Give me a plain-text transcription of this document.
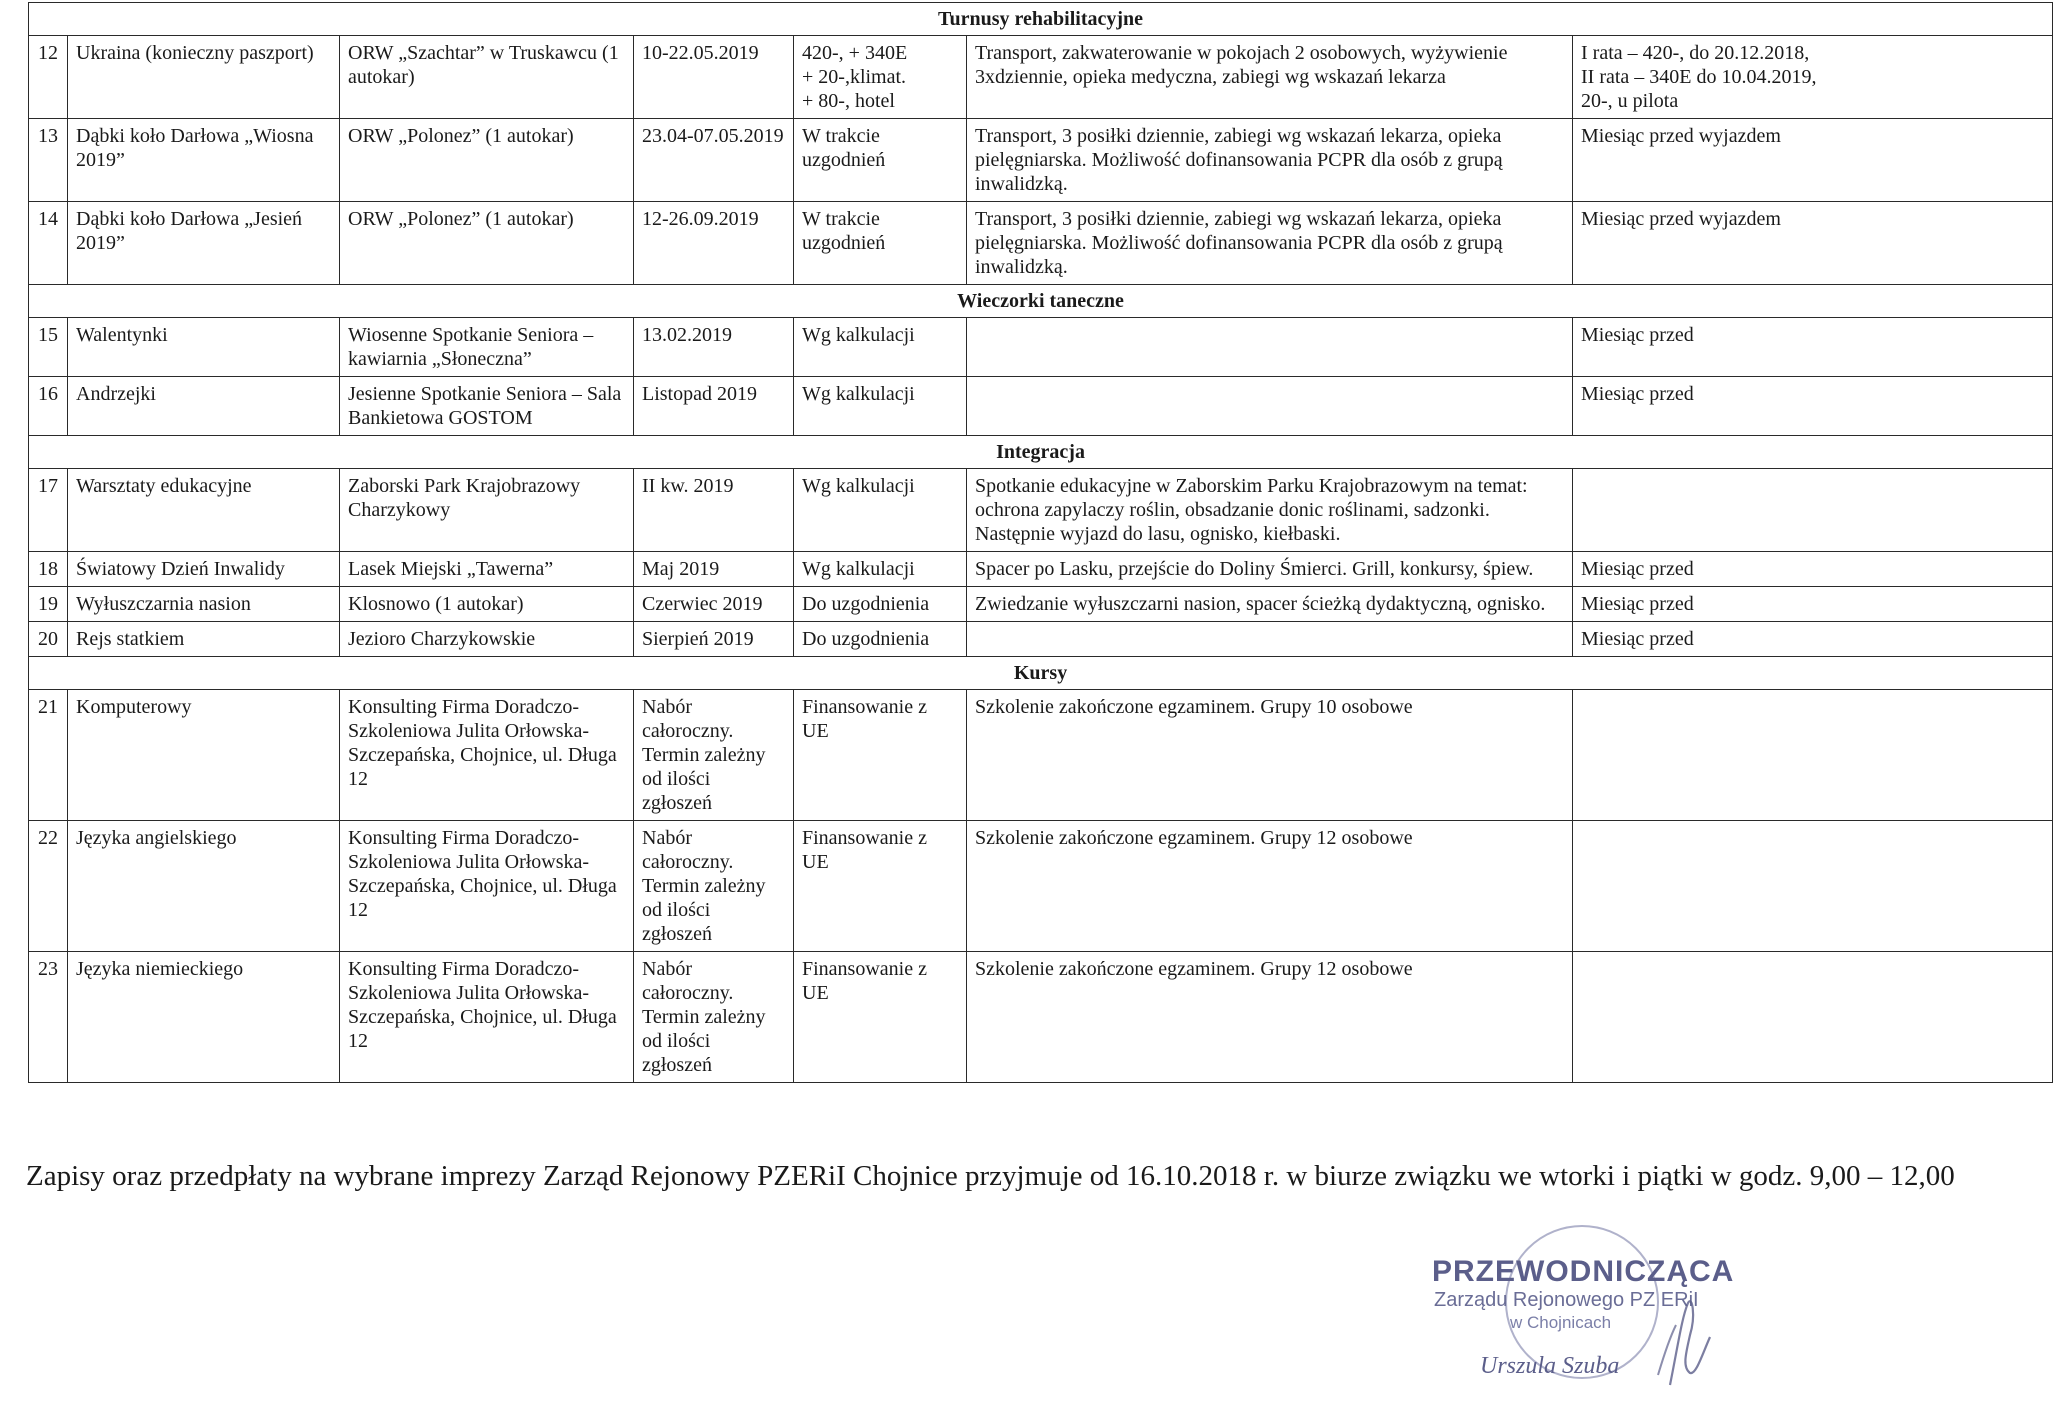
Turnusy rehabilitacyjne						
12	Ukraina (konieczny paszport)	ORW „Szachtar” w Truskawcu (1 autokar)	10-22.05.2019	420-, + 340E
+ 20-,klimat.
+ 80-, hotel	Transport, zakwaterowanie w pokojach 2 osobowych, wyżywienie 3xdziennie, opieka medyczna, zabiegi wg wskazań lekarza	I rata – 420-, do 20.12.2018,
II rata – 340E do 10.04.2019,
20-, u pilota
13	Dąbki koło Darłowa „Wiosna 2019”	ORW „Polonez” (1 autokar)	23.04-07.05.2019	W trakcie uzgodnień	Transport, 3 posiłki dziennie, zabiegi wg wskazań lekarza, opieka pielęgniarska. Możliwość dofinansowania PCPR dla osób z grupą inwalidzką.	Miesiąc przed wyjazdem
14	Dąbki koło Darłowa „Jesień 2019”	ORW „Polonez” (1 autokar)	12-26.09.2019	W trakcie uzgodnień	Transport, 3 posiłki dziennie, zabiegi wg wskazań lekarza, opieka pielęgniarska. Możliwość dofinansowania PCPR dla osób z grupą inwalidzką.	Miesiąc przed wyjazdem
Wieczorki taneczne						
15	Walentynki	Wiosenne Spotkanie Seniora – kawiarnia „Słoneczna”	13.02.2019	Wg kalkulacji		Miesiąc przed
16	Andrzejki	Jesienne Spotkanie Seniora – Sala Bankietowa GOSTOM	Listopad 2019	Wg kalkulacji		Miesiąc przed
Integracja						
17	Warsztaty edukacyjne	Zaborski Park Krajobrazowy Charzykowy	II kw. 2019	Wg kalkulacji	Spotkanie edukacyjne w Zaborskim Parku Krajobrazowym na temat: ochrona zapylaczy roślin, obsadzanie donic roślinami, sadzonki. Następnie wyjazd do lasu, ognisko, kiełbaski.	
18	Światowy Dzień Inwalidy	Lasek Miejski „Tawerna”	Maj 2019	Wg kalkulacji	Spacer po Lasku, przejście do Doliny Śmierci. Grill, konkursy, śpiew.	Miesiąc przed
19	Wyłuszczarnia nasion	Klosnowo (1 autokar)	Czerwiec 2019	Do uzgodnienia	Zwiedzanie wyłuszczarni nasion, spacer ścieżką dydaktyczną, ognisko.	Miesiąc przed
20	Rejs statkiem	Jezioro Charzykowskie	Sierpień 2019	Do uzgodnienia		Miesiąc przed
Kursy						
21	Komputerowy	Konsulting Firma Doradczo-Szkoleniowa Julita Orłowska-Szczepańska, Chojnice, ul. Długa 12	Nabór całoroczny. Termin zależny od ilości zgłoszeń	Finansowanie z UE	Szkolenie zakończone egzaminem. Grupy 10 osobowe	
22	Języka angielskiego	Konsulting Firma Doradczo-Szkoleniowa Julita Orłowska-Szczepańska, Chojnice, ul. Długa 12	Nabór całoroczny. Termin zależny od ilości zgłoszeń	Finansowanie z UE	Szkolenie zakończone egzaminem. Grupy 12 osobowe	
23	Języka niemieckiego	Konsulting Firma Doradczo-Szkoleniowa Julita Orłowska-Szczepańska, Chojnice, ul. Długa 12	Nabór całoroczny. Termin zależny od ilości zgłoszeń	Finansowanie z UE	Szkolenie zakończone egzaminem. Grupy 12 osobowe	
Zapisy oraz przedpłaty na wybrane imprezy Zarząd Rejonowy PZERiI Chojnice przyjmuje od 16.10.2018 r. w biurze związku we wtorki i piątki w godz. 9,00 – 12,00
PRZEWODNICZĄCA
Zarządu Rejonowego PZ ERiI
w Chojnicach
Urszula Szuba
